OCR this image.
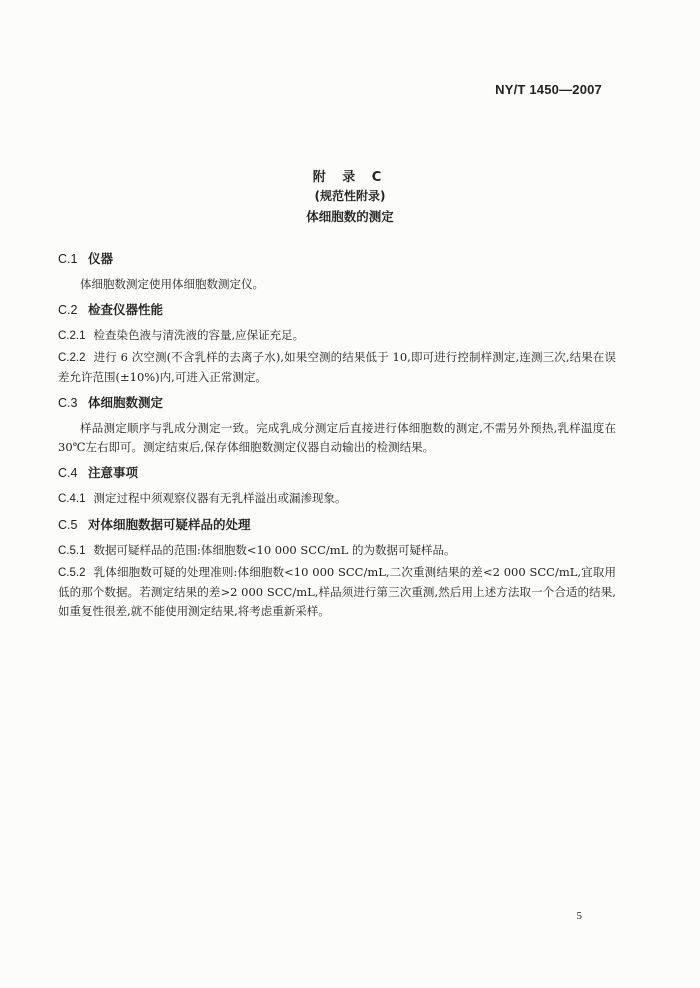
NY/T 1450—2007
附 录 C
(规范性附录)
体细胞数的测定
C.1 仪器
体细胞数测定使用体细胞数测定仪。
C.2 检查仪器性能
C.2.1 检查染色液与清洗液的容量,应保证充足。
C.2.2 进行 6 次空测(不含乳样的去离子水),如果空测的结果低于 10,即可进行控制样测定,连测三次,结果在误差允许范围(±10%)内,可进入正常测定。
C.3 体细胞数测定
样品测定顺序与乳成分测定一致。完成乳成分测定后直接进行体细胞数的测定,不需另外预热,乳样温度在 30℃左右即可。测定结束后,保存体细胞数测定仪器自动输出的检测结果。
C.4 注意事项
C.4.1 测定过程中须观察仪器有无乳样溢出或漏渗现象。
C.5 对体细胞数据可疑样品的处理
C.5.1 数据可疑样品的范围:体细胞数<10 000 SCC/mL 的为数据可疑样品。
C.5.2 乳体细胞数可疑的处理准则:体细胞数<10 000 SCC/mL,二次重测结果的差<2 000 SCC/mL,宜取用低的那个数据。若测定结果的差>2 000 SCC/mL,样品须进行第三次重测,然后用上述方法取一个合适的结果,如重复性很差,就不能使用测定结果,将考虑重新采样。
5
